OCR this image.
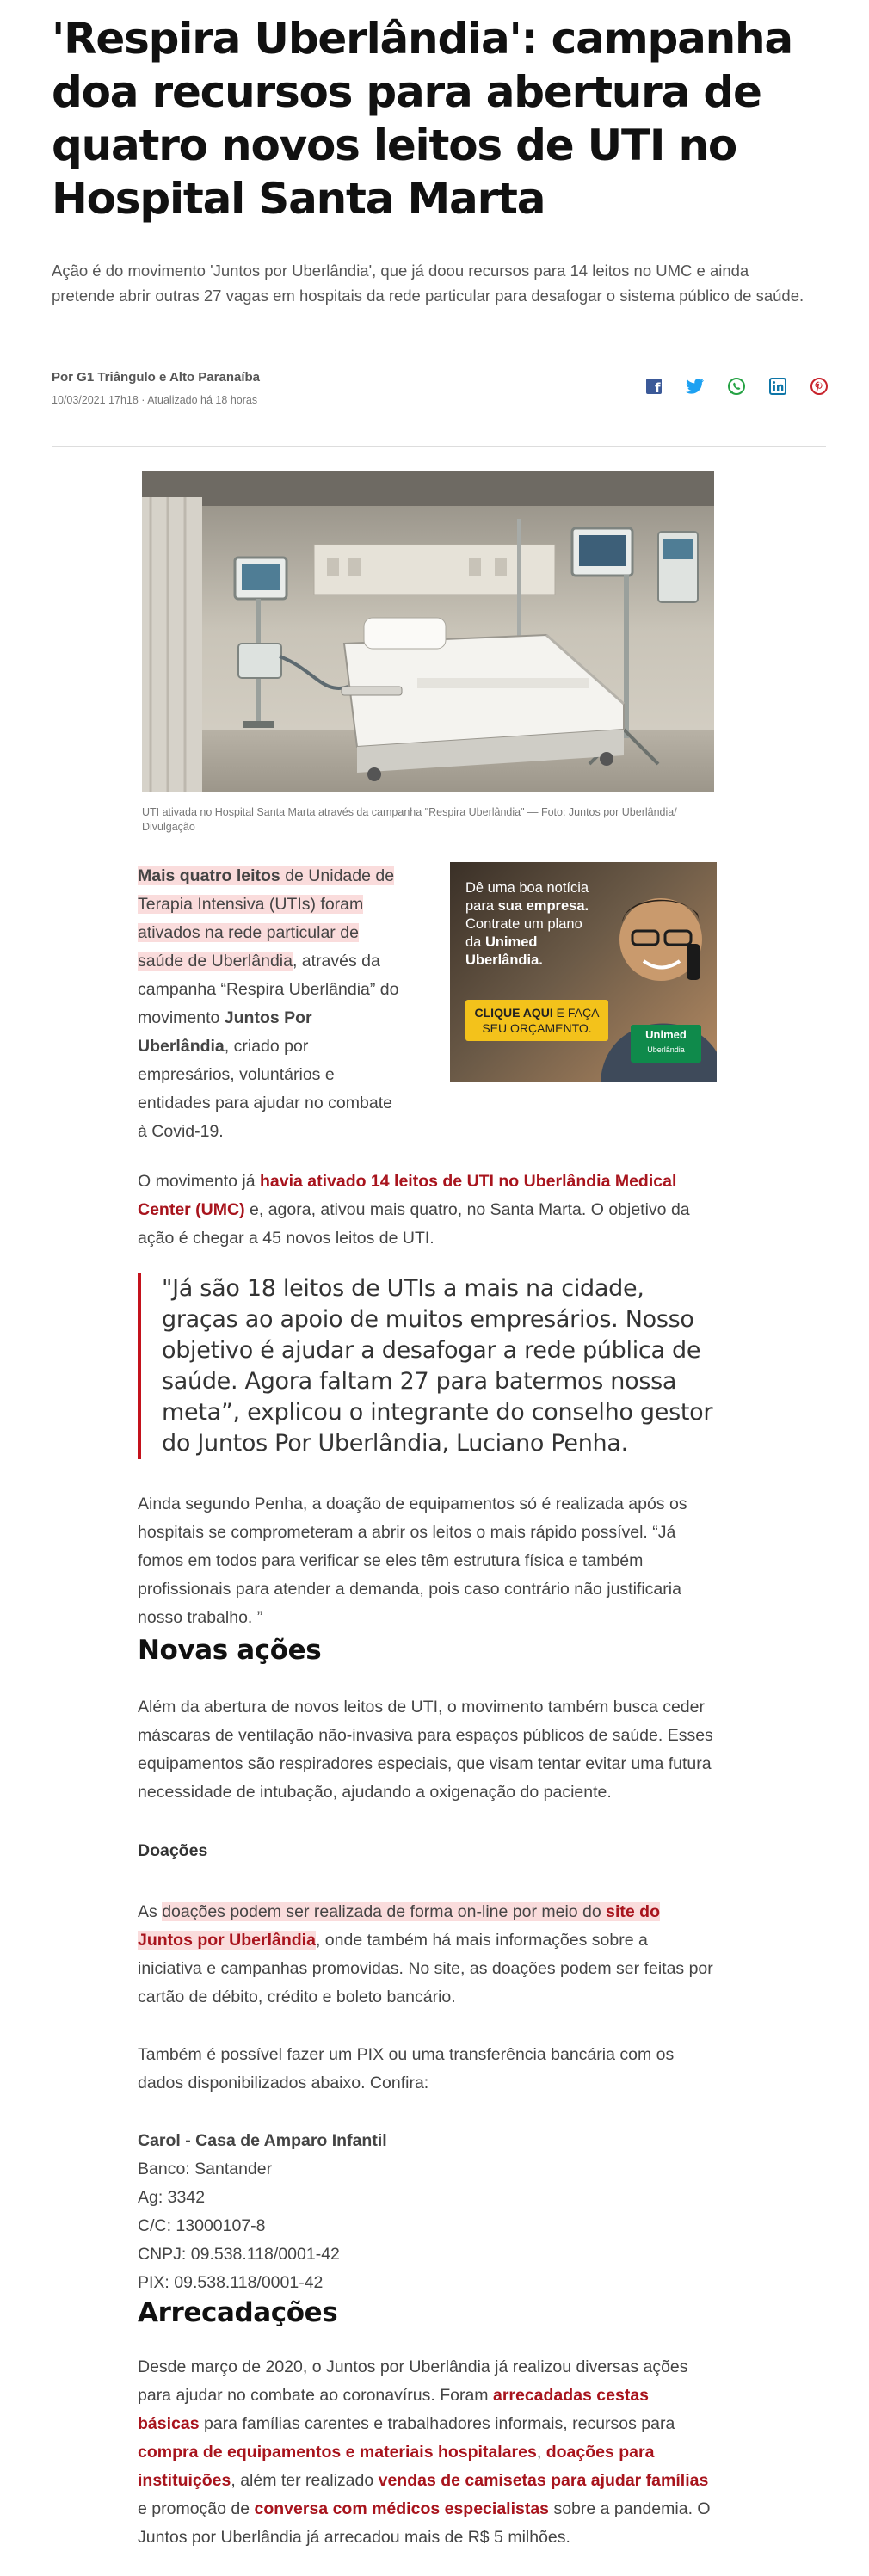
'Respira Uberlândia': campanha doa recursos para abertura de quatro novos leitos de UTI no Hospital Santa Marta

Ação é do movimento 'Juntos por Uberlândia', que já doou recursos para 14 leitos no UMC e ainda pretende abrir outras 27 vagas em hospitais da rede particular para desafogar o sistema público de saúde.

Por G1 Triângulo e Alto Paranaíba
10/03/2021 17h18 · Atualizado há 18 horas
f

UTI ativada no Hospital Santa Marta através da campanha "Respira Uberlândia" — Foto: Juntos por Uberlândia/ Divulgação

Mais quatro leitos de Unidade de Terapia Intensiva (UTIs) foram ativados na rede particular de saúde de Uberlândia, através da campanha “Respira Uberlândia” do movimento Juntos Por Uberlândia, criado por empresários, voluntários e entidades para ajudar no combate à Covid-19.

Dê uma boa notícia
para sua empresa.
Contrate um plano
da Unimed
Uberlândia.
CLIQUE AQUI E FAÇA SEU ORÇAMENTO.	Unimed
Uberlândia

O movimento já havia ativado 14 leitos de UTI no Uberlândia Medical Center (UMC) e, agora, ativou mais quatro, no Santa Marta. O objetivo da ação é chegar a 45 novos leitos de UTI.

"Já são 18 leitos de UTIs a mais na cidade, graças ao apoio de muitos empresários. Nosso objetivo é ajudar a desafogar a rede pública de saúde. Agora faltam 27 para batermos nossa meta”, explicou o integrante do conselho gestor do Juntos Por Uberlândia, Luciano Penha.

Ainda segundo Penha, a doação de equipamentos só é realizada após os hospitais se comprometeram a abrir os leitos o mais rápido possível. “Já fomos em todos para verificar se eles têm estrutura física e também profissionais para atender a demanda, pois caso contrário não justificaria nosso trabalho. ”

Novas ações

Além da abertura de novos leitos de UTI, o movimento também busca ceder máscaras de ventilação não-invasiva para espaços públicos de saúde. Esses equipamentos são respiradores especiais, que visam tentar evitar uma futura necessidade de intubação, ajudando a oxigenação do paciente.

Doações

As doações podem ser realizada de forma on-line por meio do site do Juntos por Uberlândia, onde também há mais informações sobre a iniciativa e campanhas promovidas. No site, as doações podem ser feitas por cartão de débito, crédito e boleto bancário.

Também é possível fazer um PIX ou uma transferência bancária com os dados disponibilizados abaixo. Confira:

Carol - Casa de Amparo Infantil

Banco: Santander

Ag: 3342

C/C: 13000107-8

CNPJ: 09.538.118/0001-42

PIX: 09.538.118/0001-42

Arrecadações

Desde março de 2020, o Juntos por Uberlândia já realizou diversas ações para ajudar no combate ao coronavírus. Foram arrecadadas cestas básicas para famílias carentes e trabalhadores informais, recursos para compra de equipamentos e materiais hospitalares, doações para instituições, além ter realizado vendas de camisetas para ajudar famílias e promoção de conversa com médicos especialistas sobre a pandemia. O Juntos por Uberlândia já arrecadou mais de R$ 5 milhões.
